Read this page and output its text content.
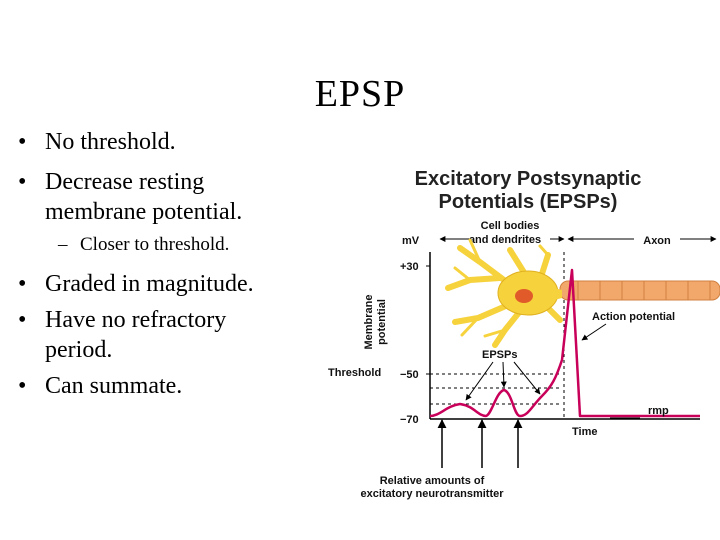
EPSP
• No threshold.
• Decrease resting
membrane potential.
– Closer to threshold.
• Graded in magnitude.
• Have no refractory
period.
• Can summate.
Excitatory Postsynaptic
Potentials (EPSPs)
Cell bodies
and dendrites
mV	Axon
+30
−50
−70
Membrane potential
Threshold
Action potential
EPSPs
rmp
Time
Relative amounts of
excitatory neurotransmitter
